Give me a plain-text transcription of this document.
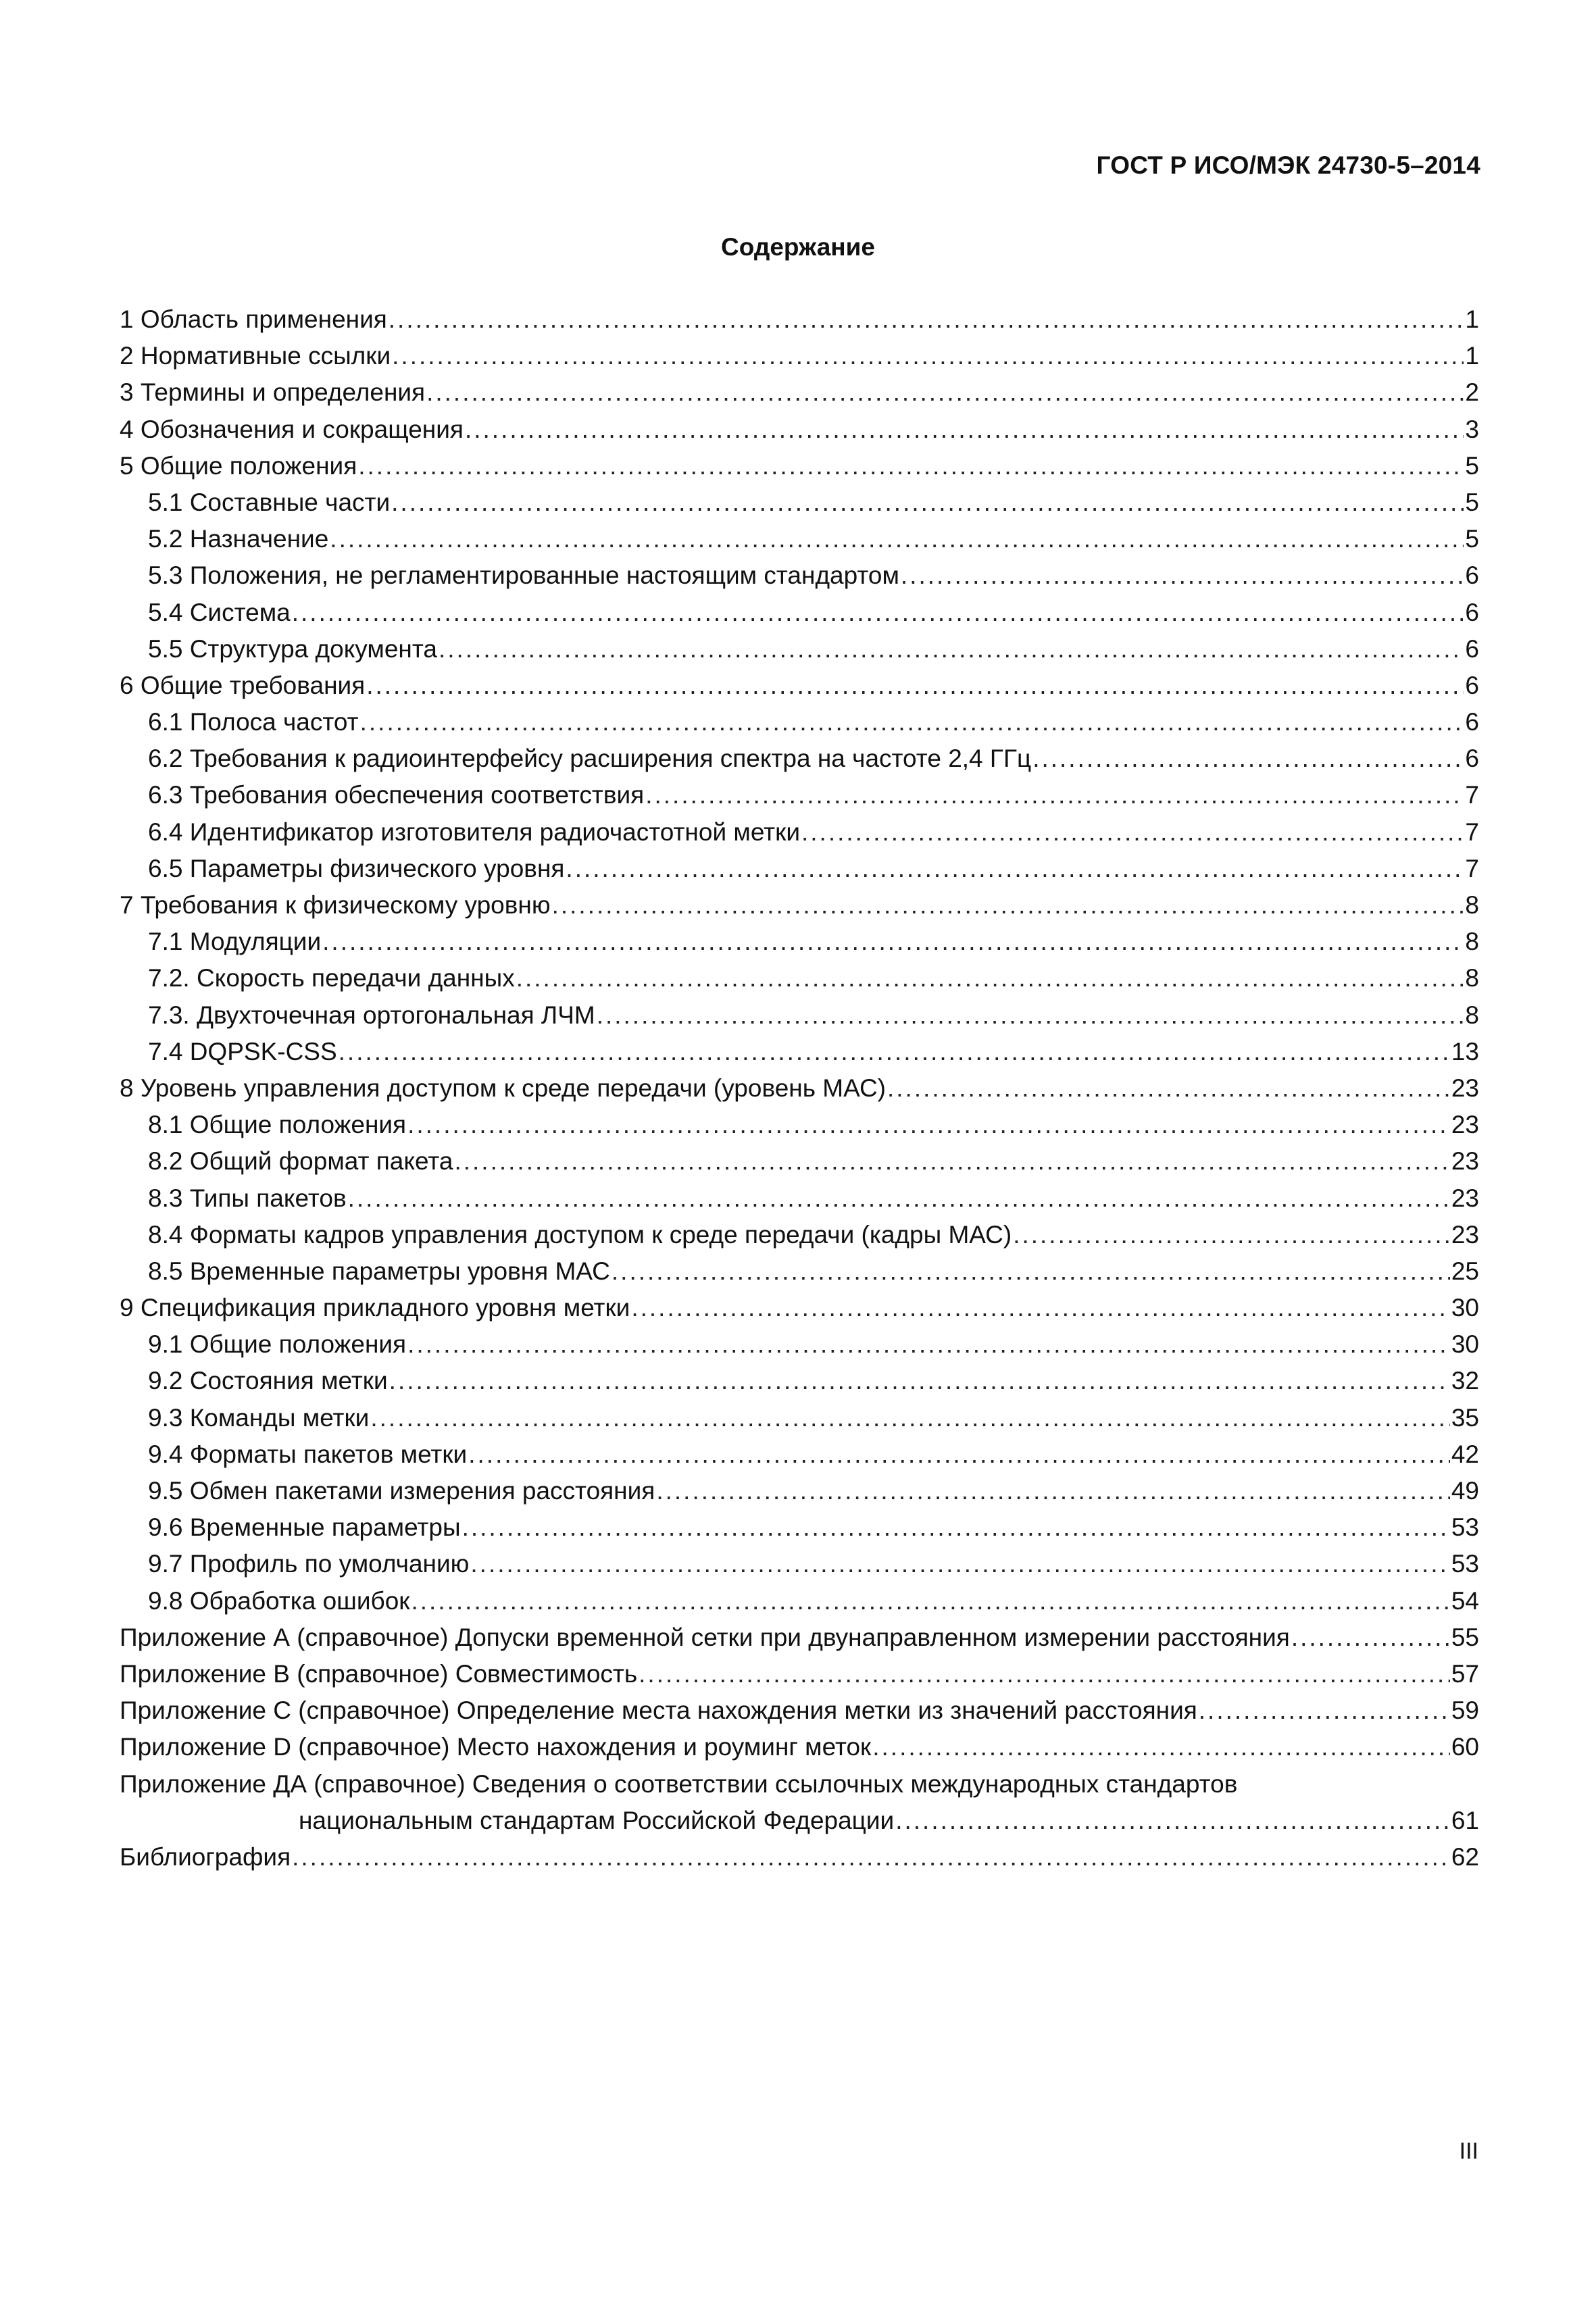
ГОСТ Р ИСО/МЭК 24730-5–2014
Содержание
1 Область применения .....	1
2 Нормативные ссылки .....	1
3 Термины и определения .....	2
4 Обозначения и сокращения .....	3
5 Общие положения .....	5
5.1 Составные части .....	5
5.2 Назначение .....	5
5.3 Положения, не регламентированные настоящим стандартом .....	6
5.4 Система .....	6
5.5 Структура документа .....	6
6 Общие требования .....	6
6.1 Полоса частот .....	6
6.2 Требования к радиоинтерфейсу расширения спектра на частоте 2,4 ГГц .....	6
6.3 Требования обеспечения соответствия .....	7
6.4 Идентификатор изготовителя радиочастотной метки .....	7
6.5 Параметры физического уровня .....	7
7 Требования к физическому уровню .....	8
7.1 Модуляции .....	8
7.2. Скорость передачи данных .....	8
7.3. Двухточечная ортогональная ЛЧМ .....	8
7.4 DQPSK-CSS .....	13
8 Уровень управления доступом к среде передачи (уровень МАС) .....	23
8.1 Общие положения .....	23
8.2 Общий формат пакета .....	23
8.3 Типы пакетов .....	23
8.4 Форматы кадров управления доступом к среде передачи (кадры МАС) .....	23
8.5 Временные параметры уровня МАС .....	25
9 Спецификация прикладного уровня метки .....	30
9.1 Общие положения .....	30
9.2 Состояния метки .....	32
9.3 Команды метки .....	35
9.4 Форматы пакетов метки .....	42
9.5 Обмен пакетами измерения расстояния .....	49
9.6 Временные параметры .....	53
9.7 Профиль по умолчанию .....	53
9.8 Обработка ошибок .....	54
Приложение А (справочное) Допуски временной сетки при двунаправленном измерении расстояния .....	55
Приложение В (справочное) Совместимость .....	57
Приложение С (справочное) Определение места нахождения метки из значений расстояния .....	59
Приложение D (справочное) Место нахождения и роуминг меток .....	60
Приложение ДА (справочное) Сведения о соответствии ссылочных международных стандартов
национальным стандартам Российской Федерации .....	61
Библиография .....	62
III
